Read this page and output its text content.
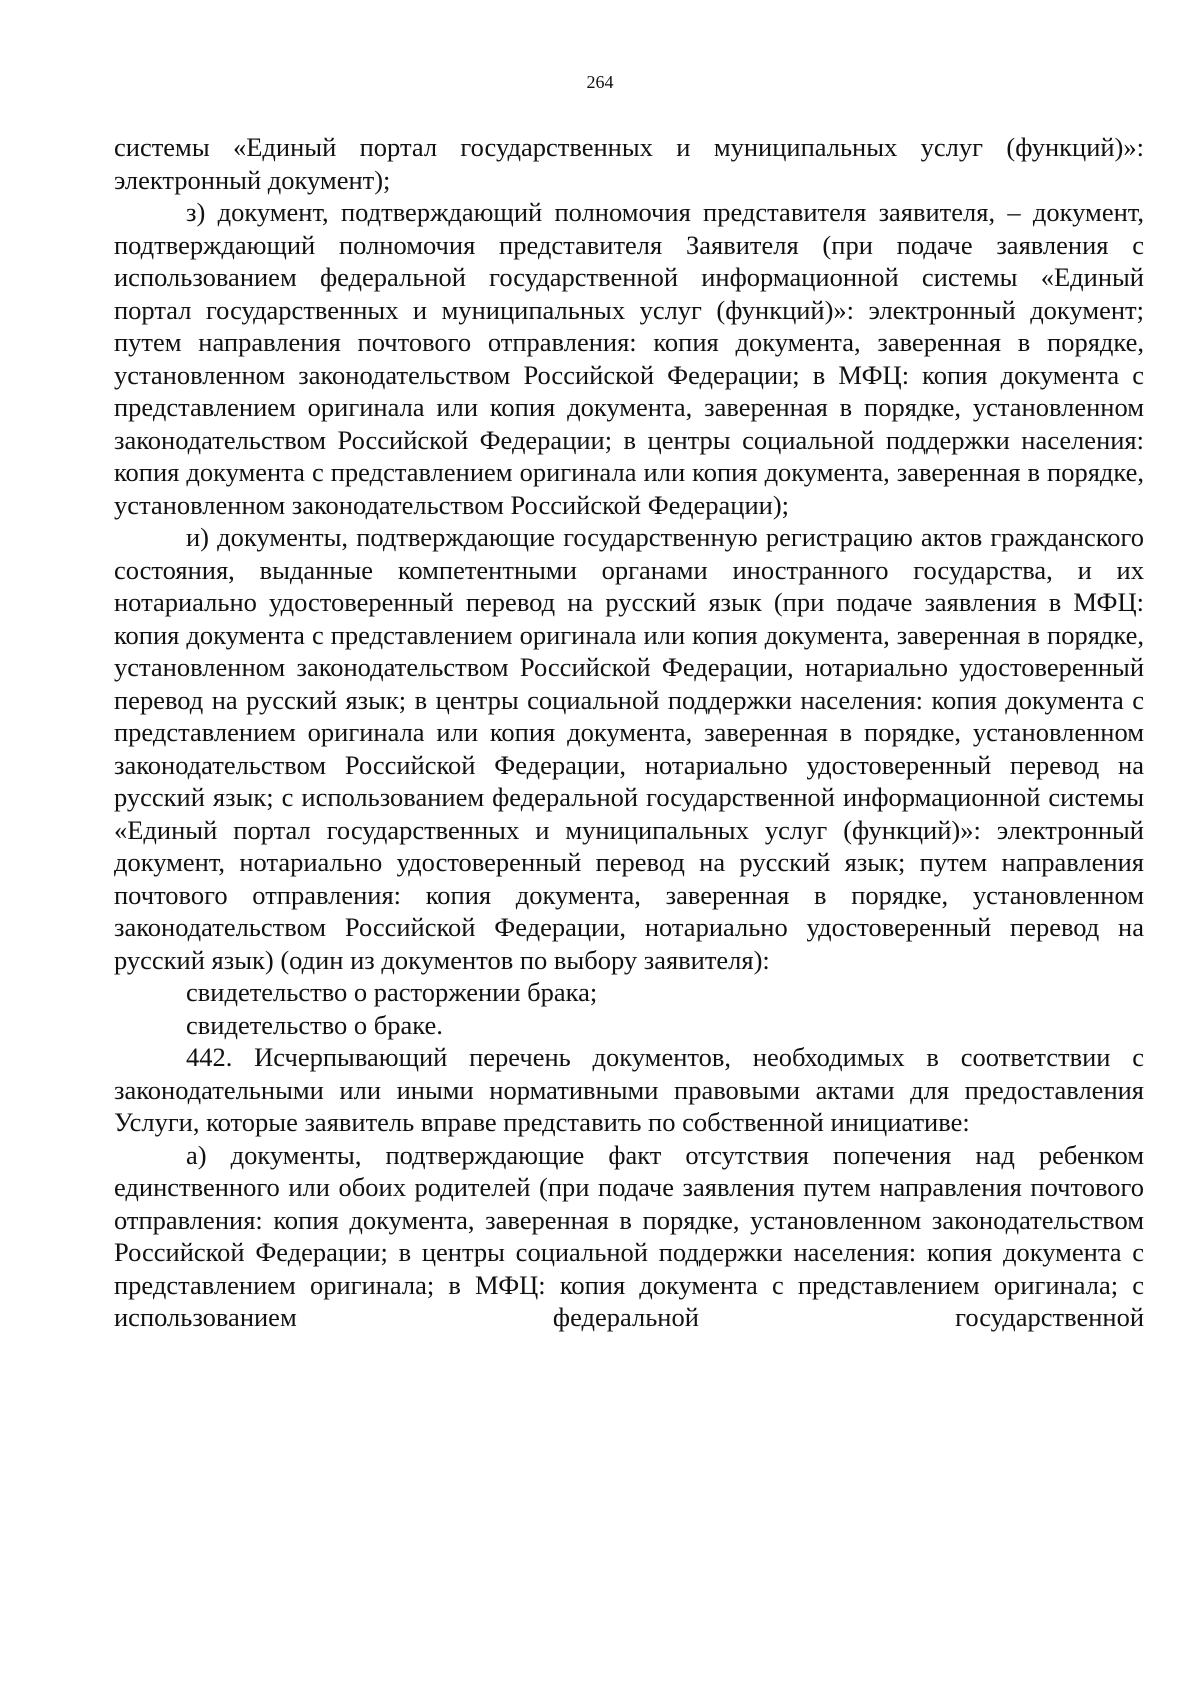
264

системы «Единый портал государственных и муниципальных услуг (функций)»: электронный документ);

з) документ, подтверждающий полномочия представителя заявителя, – документ, подтверждающий полномочия представителя Заявителя (при подаче заявления с использованием федеральной государственной информационной системы «Единый портал государственных и муниципальных услуг (функций)»: электронный документ; путем направления почтового отправления: копия документа, заверенная в порядке, установленном законодательством Российской Федерации; в МФЦ: копия документа с представлением оригинала или копия документа, заверенная в порядке, установленном законодательством Российской Федерации; в центры социальной поддержки населения: копия документа с представлением оригинала или копия документа, заверенная в порядке, установленном законодательством Российской Федерации);

и) документы, подтверждающие государственную регистрацию актов гражданского состояния, выданные компетентными органами иностранного государства, и их нотариально удостоверенный перевод на русский язык (при подаче заявления в МФЦ: копия документа с представлением оригинала или копия документа, заверенная в порядке, установленном законодательством Российской Федерации, нотариально удостоверенный перевод на русский язык; в центры социальной поддержки населения: копия документа с представлением оригинала или копия документа, заверенная в порядке, установленном законодательством Российской Федерации, нотариально удостоверенный перевод на русский язык; с использованием федеральной государственной информационной системы «Единый портал государственных и муниципальных услуг (функций)»: электронный документ, нотариально удостоверенный перевод на русский язык; путем направления почтового отправления: копия документа, заверенная в порядке, установленном законодательством Российской Федерации, нотариально удостоверенный перевод на русский язык) (один из документов по выбору заявителя):

свидетельство о расторжении брака;

свидетельство о браке.

442. Исчерпывающий перечень документов, необходимых в соответствии с законодательными или иными нормативными правовыми актами для предоставления Услуги, которые заявитель вправе представить по собственной инициативе:

а) документы, подтверждающие факт отсутствия попечения над ребенком единственного или обоих родителей (при подаче заявления путем направления почтового отправления: копия документа, заверенная в порядке, установленном законодательством Российской Федерации; в центры социальной поддержки населения: копия документа с представлением оригинала; в МФЦ: копия документа с представлением оригинала; с использованием федеральной государственной
